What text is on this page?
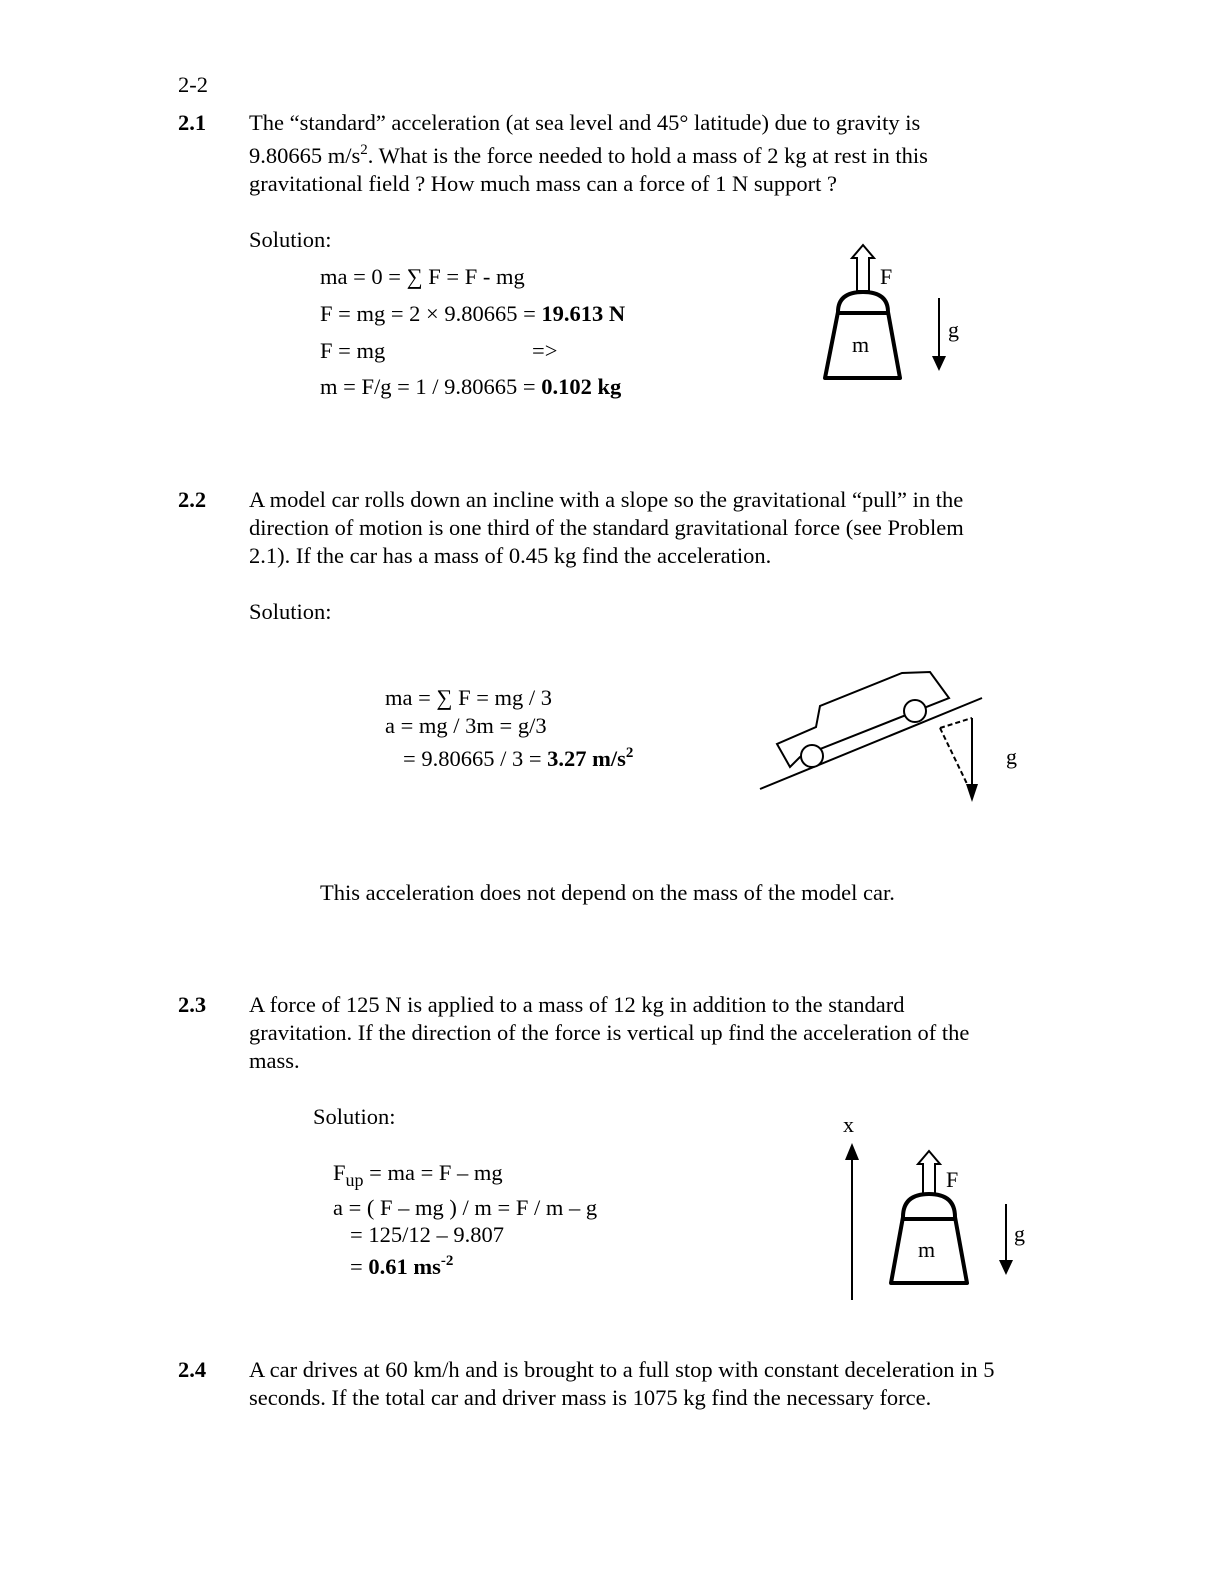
2-2
2.1 The “standard” acceleration (at sea level and 45° latitude) due to gravity is
9.80665 $m/s^2$. What is the force needed to hold a mass of 2 kg at rest in this
gravitational field ? How much mass can a force of 1 N support ?
Solution:
ma = 0 = ∑ F = F - mg
F = mg = 2 × 9.80665 = 19.613 N
F = mg	=>
m = F/g = 1 / 9.80665 = 0.102 kg
m
F
g
2.2 A model car rolls down an incline with a slope so the gravitational “pull” in the
direction of motion is one third of the standard gravitational force (see Problem
2.1). If the car has a mass of 0.45 kg find the acceleration.
Solution:
ma = ∑ F = mg / 3
a = mg / 3m = g/3
= 9.80665 / 3 = 3.27 $m/s^2$	g
This acceleration does not depend on the mass of the model car.
2.3 A force of 125 N is applied to a mass of 12 kg in addition to the standard
gravitation. If the direction of the force is vertical up find the acceleration of the
mass.
Solution:
$F_{up}$ = ma = F – mg
a = ( F – mg ) / m = F / m – g
= 125/12 – 9.807
= 0.61 $ms^{-2}$
x
m
F
g
2.4 A car drives at 60 km/h and is brought to a full stop with constant deceleration in 5
seconds. If the total car and driver mass is 1075 kg find the necessary force.
